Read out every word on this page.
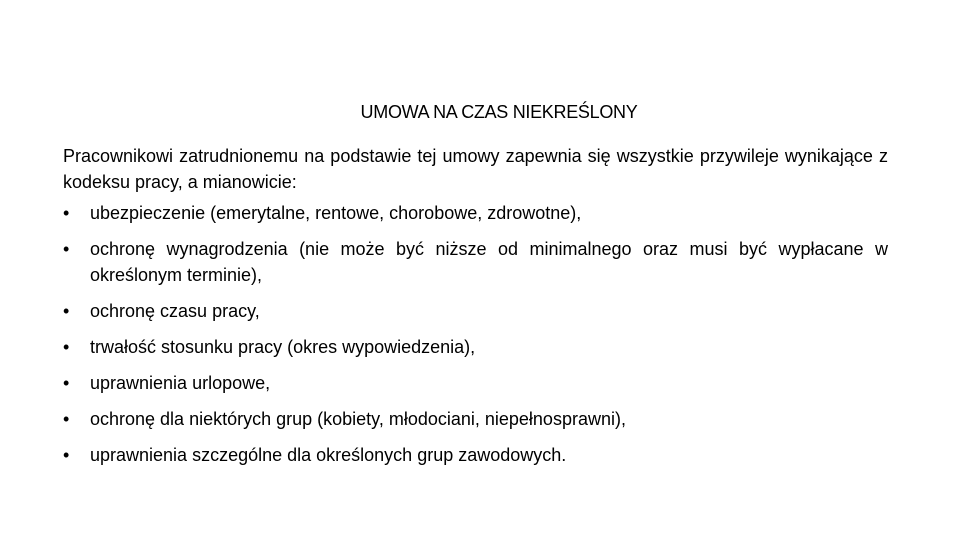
UMOWA NA CZAS NIEKREŚLONY

Pracownikowi zatrudnionemu na podstawie tej umowy zapewnia się wszystkie przywileje wynikające z kodeksu pracy, a mianowicie:

•	ubezpieczenie (emerytalne, rentowe, chorobowe, zdrowotne),
•	ochronę wynagrodzenia (nie może być niższe od minimalnego oraz musi być wypłacane w określonym terminie),
•	ochronę czasu pracy,
•	trwałość stosunku pracy (okres wypowiedzenia),
•	uprawnienia urlopowe,
•	ochronę dla niektórych grup (kobiety, młodociani, niepełnosprawni),
•	uprawnienia szczególne dla określonych grup zawodowych.
